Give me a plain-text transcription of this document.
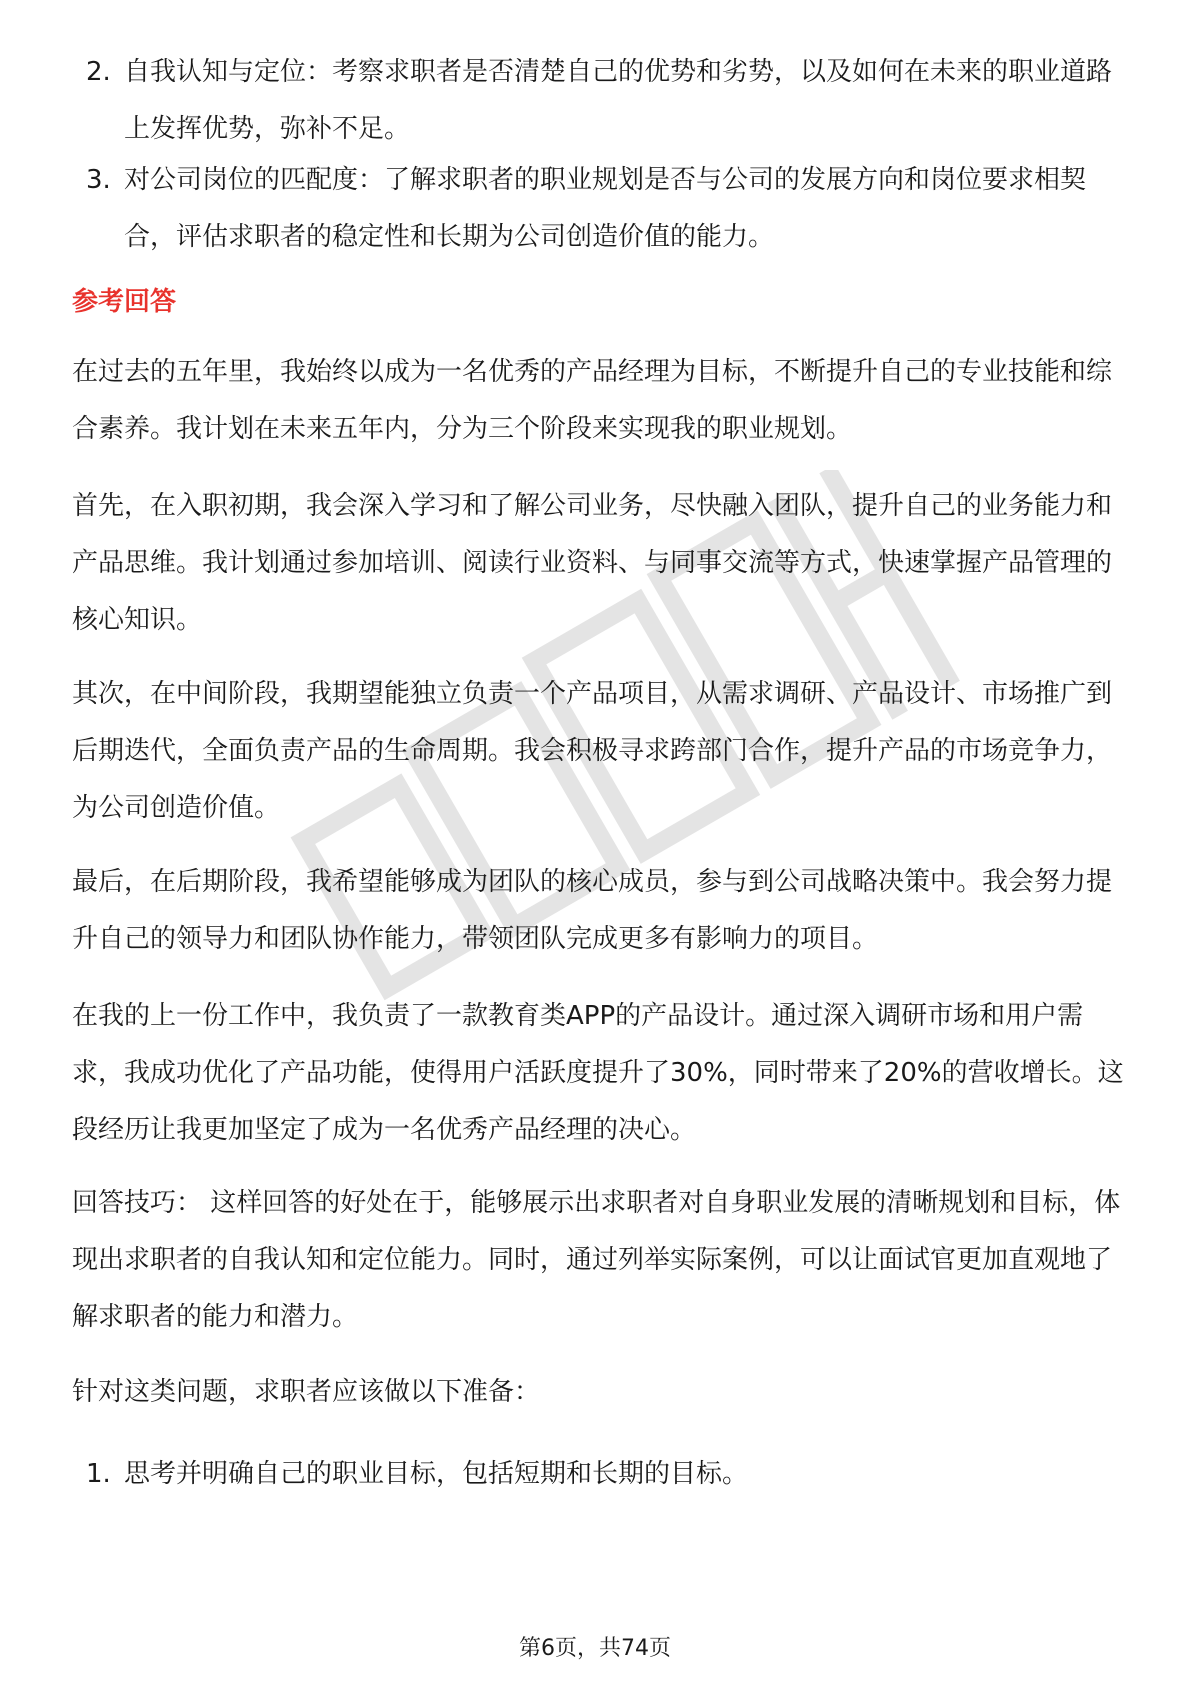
2. 自我认知与定位：考察求职者是否清楚自己的优势和劣势，以及如何在未来的职业道路上发挥优势，弥补不足。
3. 对公司岗位的匹配度：了解求职者的职业规划是否与公司的发展方向和岗位要求相契合，评估求职者的稳定性和长期为公司创造价值的能力。
参考回答
在过去的五年里，我始终以成为一名优秀的产品经理为目标，不断提升自己的专业技能和综合素养。我计划在未来五年内，分为三个阶段来实现我的职业规划。
首先，在入职初期，我会深入学习和了解公司业务，尽快融入团队，提升自己的业务能力和产品思维。我计划通过参加培训、阅读行业资料、与同事交流等方式，快速掌握产品管理的核心知识。
其次，在中间阶段，我期望能独立负责一个产品项目，从需求调研、产品设计、市场推广到后期迭代，全面负责产品的生命周期。我会积极寻求跨部门合作，提升产品的市场竞争力，为公司创造价值。
最后，在后期阶段，我希望能够成为团队的核心成员，参与到公司战略决策中。我会努力提升自己的领导力和团队协作能力，带领团队完成更多有影响力的项目。
在我的上一份工作中，我负责了一款教育类APP的产品设计。通过深入调研市场和用户需求，我成功优化了产品功能，使得用户活跃度提升了30%，同时带来了20%的营收增长。这段经历让我更加坚定了成为一名优秀产品经理的决心。
回答技巧： 这样回答的好处在于，能够展示出求职者对自身职业发展的清晰规划和目标，体现出求职者的自我认知和定位能力。同时，通过列举实际案例，可以让面试官更加直观地了解求职者的能力和潜力。
针对这类问题，求职者应该做以下准备：
1. 思考并明确自己的职业目标，包括短期和长期的目标。
第6页，共74页
